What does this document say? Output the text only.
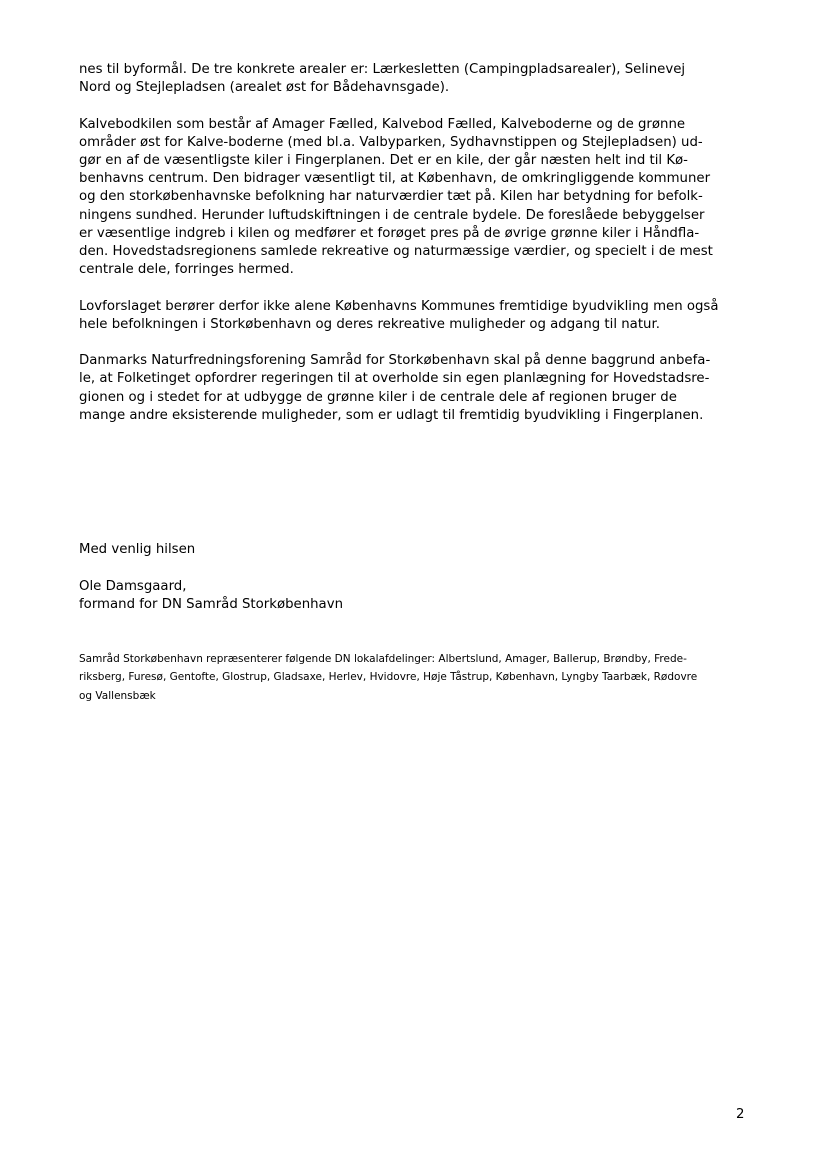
nes til byformål. De tre konkrete arealer er: Lærkesletten (Campingpladsarealer), Selinevej
Nord og Stejlepladsen (arealet øst for Bådehavnsgade).
Kalvebodkilen som består af Amager Fælled, Kalvebod Fælled, Kalveboderne og de grønne
områder øst for Kalve-boderne (med bl.a. Valbyparken, Sydhavnstippen og Stejlepladsen) ud-
gør en af de væsentligste kiler i Fingerplanen. Det er en kile, der går næsten helt ind til Kø-
benhavns centrum. Den bidrager væsentligt til, at København, de omkringliggende kommuner
og den storkøbenhavnske befolkning har naturværdier tæt på. Kilen har betydning for befolk-
ningens sundhed. Herunder luftudskiftningen i de centrale bydele. De foreslåede bebyggelser
er væsentlige indgreb i kilen og medfører et forøget pres på de øvrige grønne kiler i Håndfla-
den. Hovedstadsregionens samlede rekreative og naturmæssige værdier, og specielt i de mest
centrale dele, forringes hermed.
Lovforslaget berører derfor ikke alene Københavns Kommunes fremtidige byudvikling men også
hele befolkningen i Storkøbenhavn og deres rekreative muligheder og adgang til natur.
Danmarks Naturfredningsforening Samråd for Storkøbenhavn skal på denne baggrund anbefa-
le, at Folketinget opfordrer regeringen til at overholde sin egen planlægning for Hovedstadsre-
gionen og i stedet for at udbygge de grønne kiler i de centrale dele af regionen bruger de
mange andre eksisterende muligheder, som er udlagt til fremtidig byudvikling i Fingerplanen.
Med venlig hilsen
Ole Damsgaard,
formand for DN Samråd Storkøbenhavn
Samråd Storkøbenhavn repræsenterer følgende DN lokalafdelinger: Albertslund, Amager, Ballerup, Brøndby, Frede-
riksberg, Furesø, Gentofte, Glostrup, Gladsaxe, Herlev, Hvidovre, Høje Tåstrup, København, Lyngby Taarbæk, Rødovre
og Vallensbæk
2
